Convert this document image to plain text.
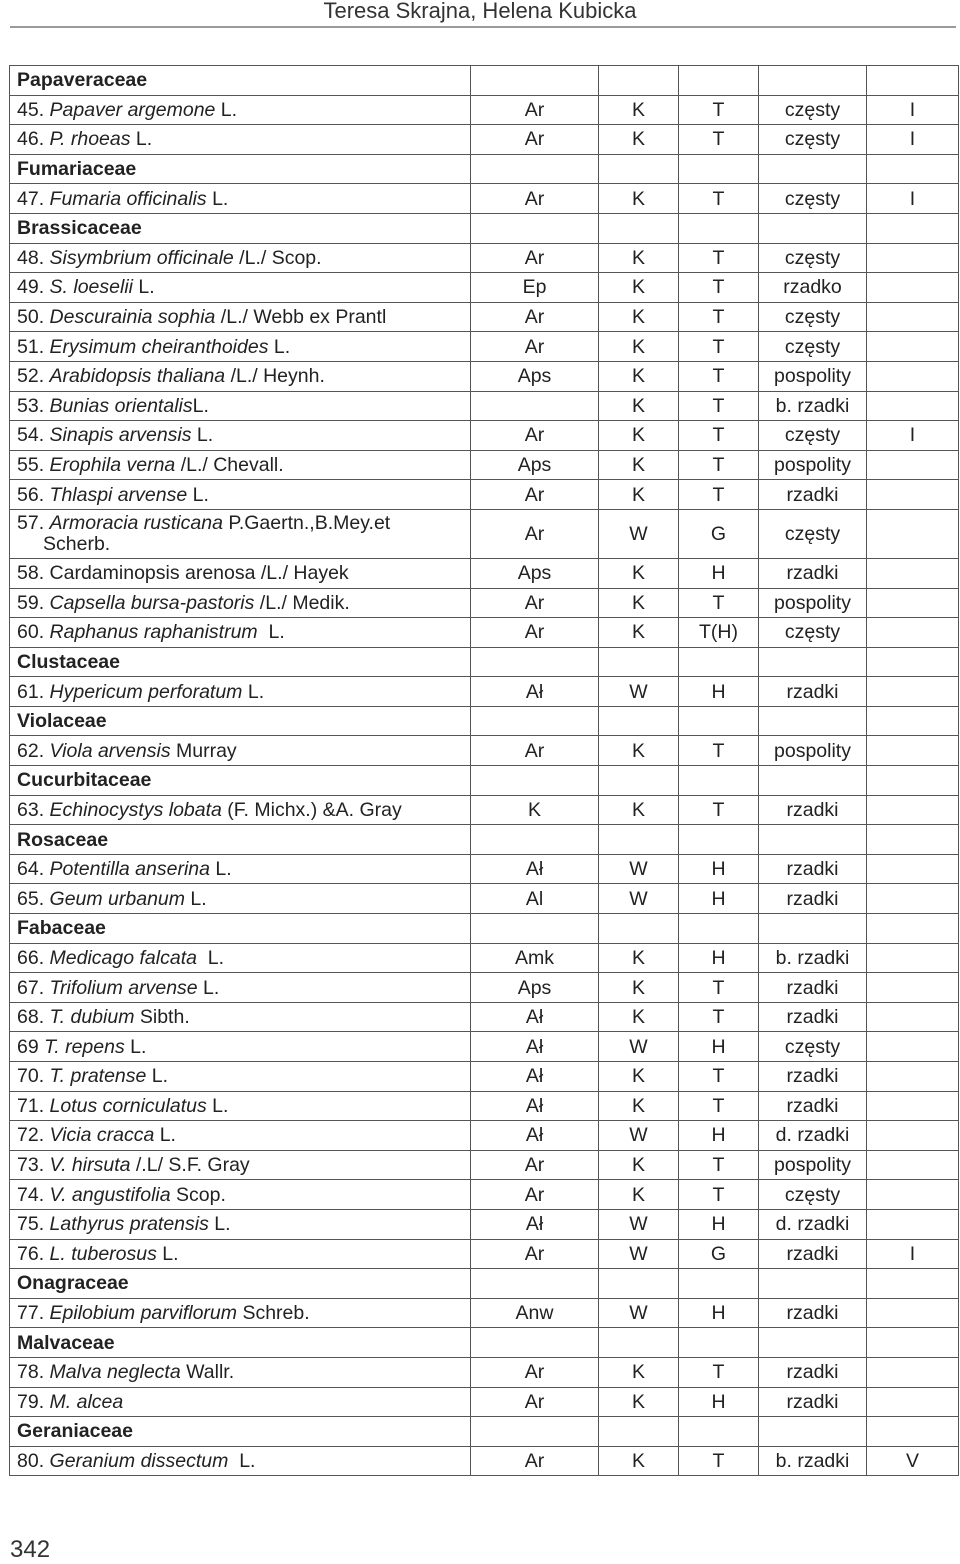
Teresa Skrajna, Helena Kubicka
Papaveraceae					
45. Papaver argemone L.	Ar	K	T	częsty	I
46. P. rhoeas L.	Ar	K	T	częsty	I
Fumariaceae					
47. Fumaria officinalis L.	Ar	K	T	częsty	I
Brassicaceae					
48. Sisymbrium officinale /L./ Scop.	Ar	K	T	częsty	
49. S. loeselii L.	Ep	K	T	rzadko	
50. Descurainia sophia /L./ Webb ex Prantl	Ar	K	T	częsty	
51. Erysimum cheiranthoides L.	Ar	K	T	częsty	
52. Arabidopsis thaliana /L./ Heynh.	Aps	K	T	pospolity	
53. Bunias orientalisL.		K	T	b. rzadki	
54. Sinapis arvensis L.	Ar	K	T	częsty	I
55. Erophila verna /L./ Chevall.	Aps	K	T	pospolity	
56. Thlaspi arvense L.	Ar	K	T	rzadki	
57. Armoracia rusticana P.Gaertn.,B.Mey.et
Scherb.	Ar	W	G	częsty	
58. Cardaminopsis arenosa /L./ Hayek	Aps	K	H	rzadki	
59. Capsella bursa-pastoris /L./ Medik.	Ar	K	T	pospolity	
60. Raphanus raphanistrum  L.	Ar	K	T(H)	częsty	
Clustaceae					
61. Hypericum perforatum L.	Ał	W	H	rzadki	
Violaceae					
62. Viola arvensis Murray	Ar	K	T	pospolity	
Cucurbitaceae					
63. Echinocystys lobata (F. Michx.) &A. Gray	K	K	T	rzadki	
Rosaceae					
64. Potentilla anserina L.	Ał	W	H	rzadki	
65. Geum urbanum L.	Al	W	H	rzadki	
Fabaceae					
66. Medicago falcata  L.	Amk	K	H	b. rzadki	
67. Trifolium arvense L.	Aps	K	T	rzadki	
68. T. dubium Sibth.	Ał	K	T	rzadki	
69 T. repens L.	Ał	W	H	częsty	
70. T. pratense L.	Ał	K	T	rzadki	
71. Lotus corniculatus L.	Ał	K	T	rzadki	
72. Vicia cracca L.	Ał	W	H	d. rzadki	
73. V. hirsuta /.L/ S.F. Gray	Ar	K	T	pospolity	
74. V. angustifolia Scop.	Ar	K	T	częsty	
75. Lathyrus pratensis L.	Ał	W	H	d. rzadki	
76. L. tuberosus L.	Ar	W	G	rzadki	I
Onagraceae					
77. Epilobium parviflorum Schreb.	Anw	W	H	rzadki	
Malvaceae					
78. Malva neglecta Wallr.	Ar	K	T	rzadki	
79. M. alcea	Ar	K	H	rzadki	
Geraniaceae					
80. Geranium dissectum  L.	Ar	K	T	b. rzadki	V
342
